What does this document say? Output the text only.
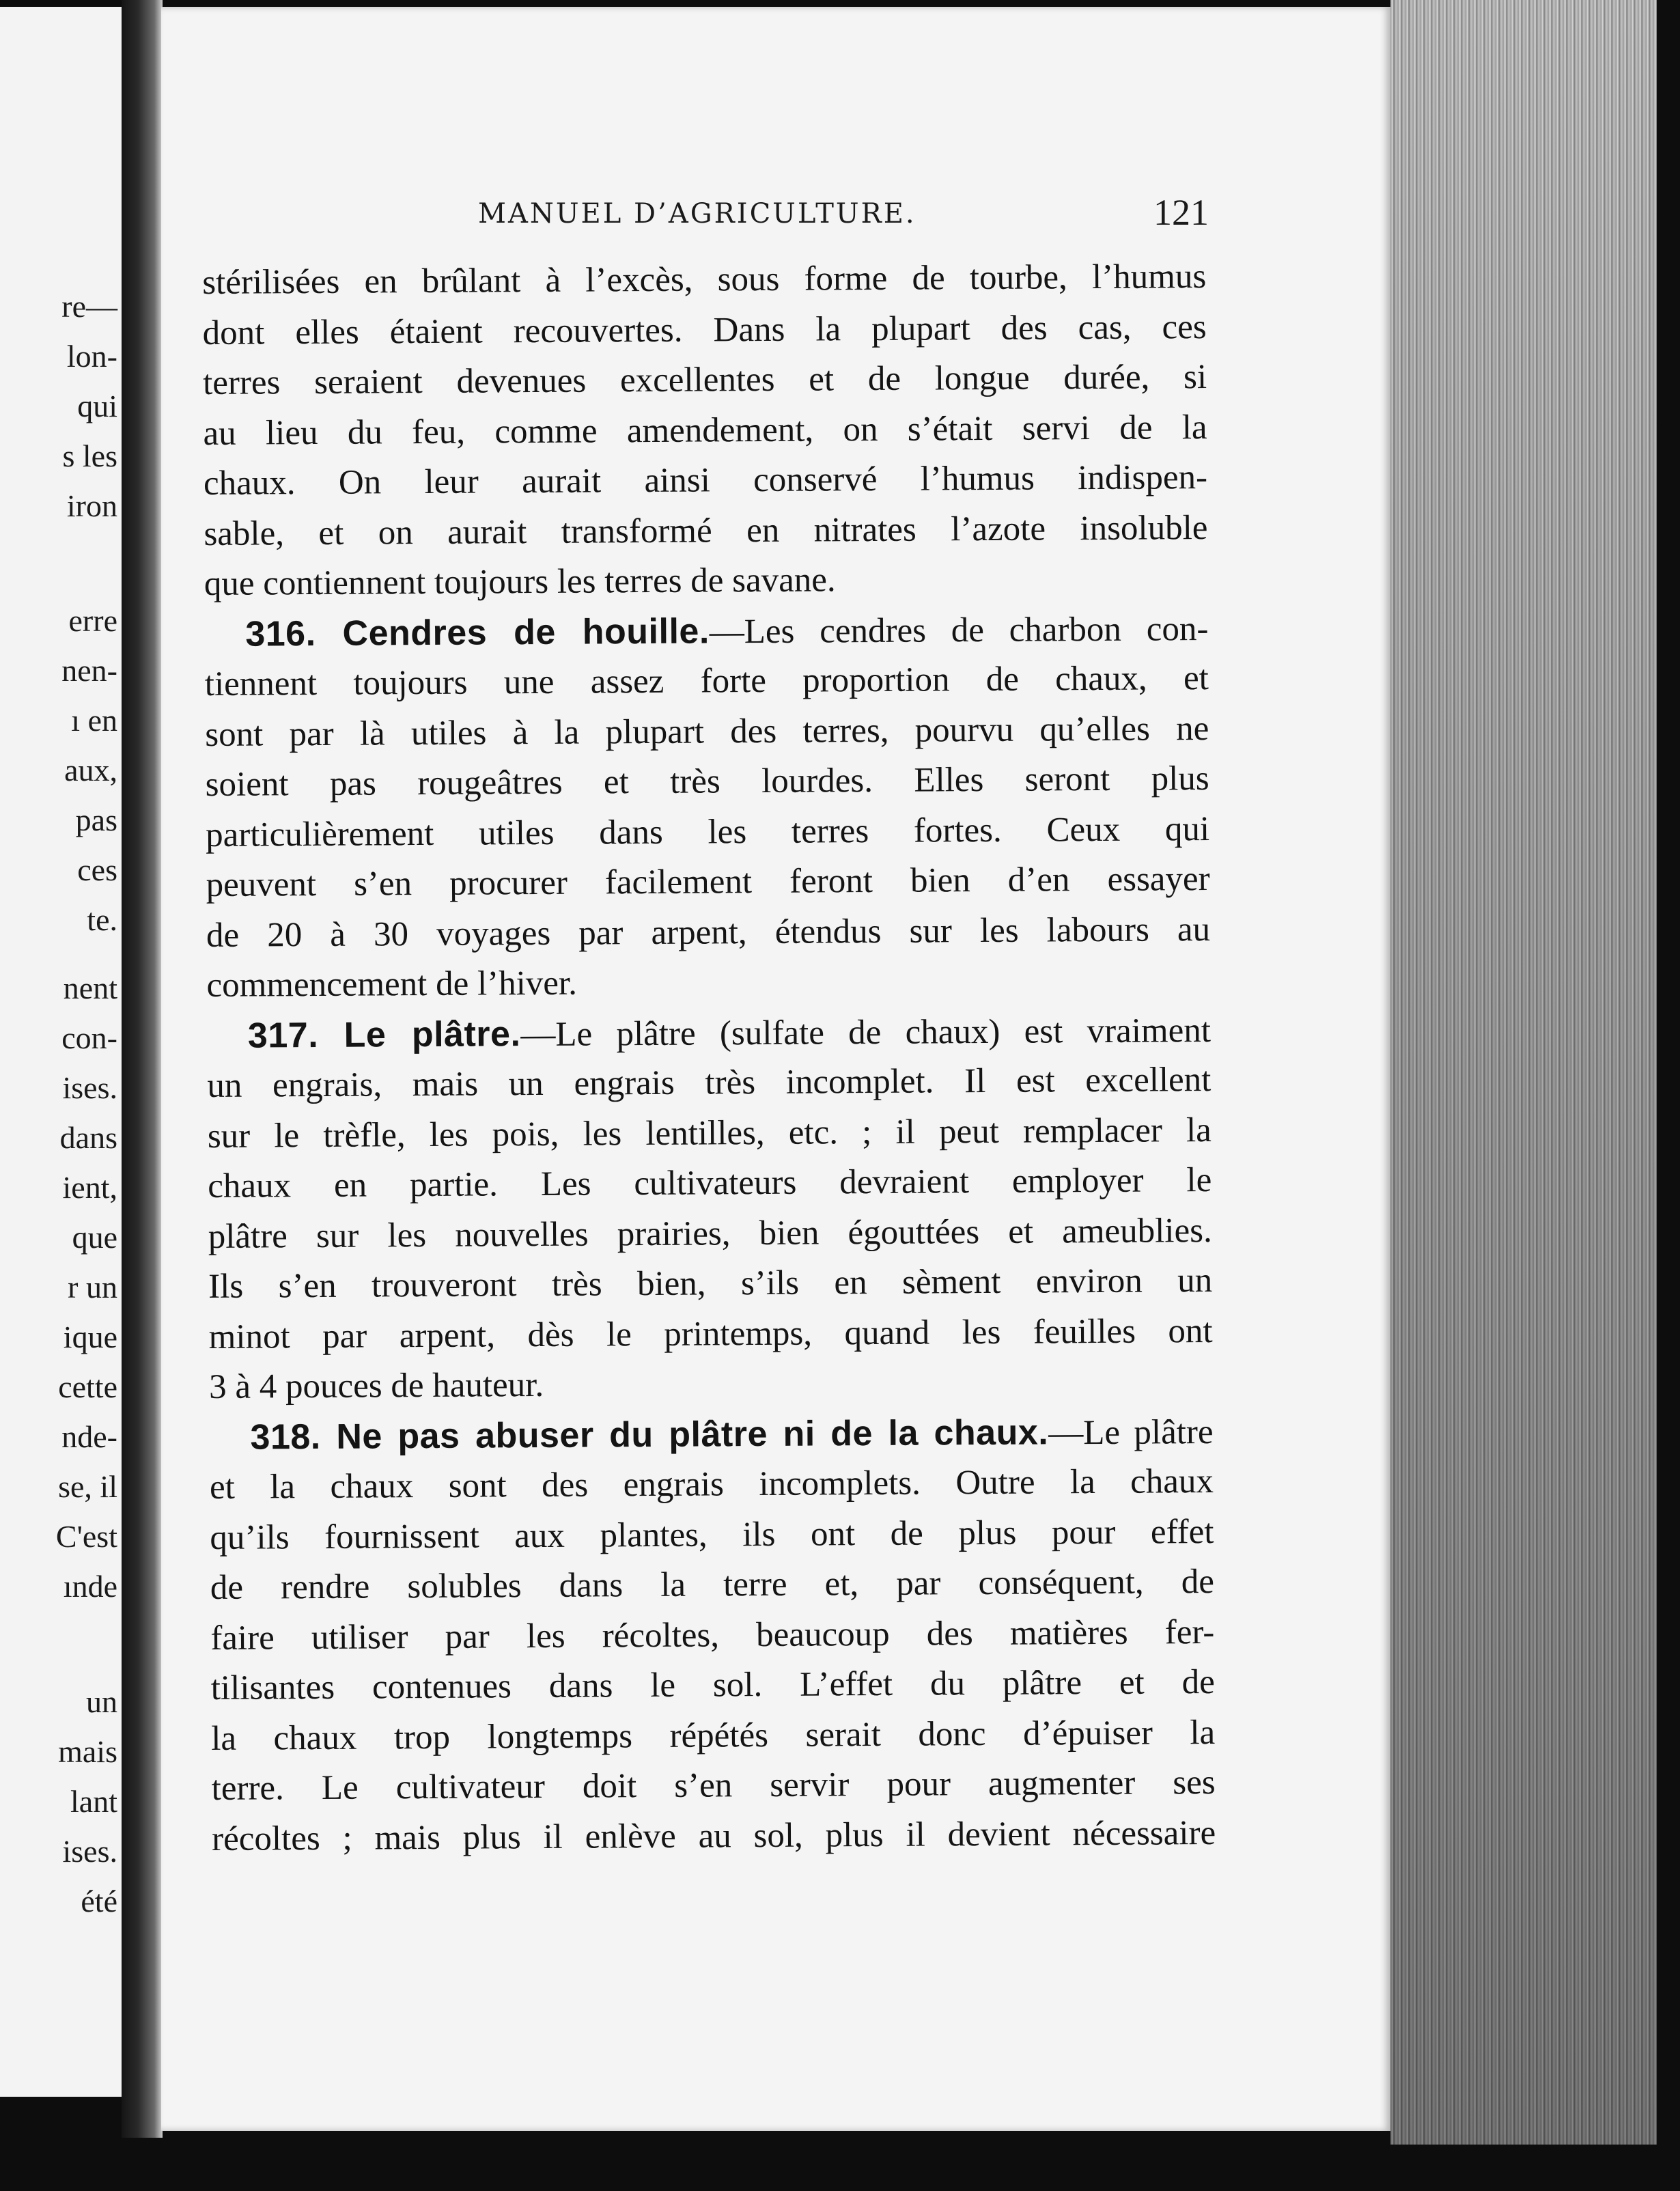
re—
lon-
qui
s les
iron
erre
nen-
ı en
aux,
pas
ces
te.
nent
con-
ises.
dans
ient,
que
r un
ique
cette
nde-
se, il
C'est
ınde
un
mais
lant
ises.
été
MANUEL D’AGRICULTURE.	121
stérilisées en brûlant à l’excès, sous forme de tourbe, l’humus
dont elles étaient recouvertes. Dans la plupart des cas, ces
terres seraient devenues excellentes et de longue durée, si
au lieu du feu, comme amendement, on s’était servi de la
chaux. On leur aurait ainsi conservé l’humus indispen-
sable, et on aurait transformé en nitrates l’azote insoluble
que contiennent toujours les terres de savane.
316. Cendres de houille.—Les cendres de charbon con-
tiennent toujours une assez forte proportion de chaux, et
sont par là utiles à la plupart des terres, pourvu qu’elles ne
soient pas rougeâtres et très lourdes. Elles seront plus
particulièrement utiles dans les terres fortes. Ceux qui
peuvent s’en procurer facilement feront bien d’en essayer
de 20 à 30 voyages par arpent, étendus sur les labours au
commencement de l’hiver.
317. Le plâtre.—Le plâtre (sulfate de chaux) est vraiment
un engrais, mais un engrais très incomplet. Il est excellent
sur le trèfle, les pois, les lentilles, etc. ; il peut remplacer la
chaux en partie. Les cultivateurs devraient employer le
plâtre sur les nouvelles prairies, bien égouttées et ameublies.
Ils s’en trouveront très bien, s’ils en sèment environ un
minot par arpent, dès le printemps, quand les feuilles ont
3 à 4 pouces de hauteur.
318. Ne pas abuser du plâtre ni de la chaux.—Le plâtre
et la chaux sont des engrais incomplets. Outre la chaux
qu’ils fournissent aux plantes, ils ont de plus pour effet
de rendre solubles dans la terre et, par conséquent, de
faire utiliser par les récoltes, beaucoup des matières fer-
tilisantes contenues dans le sol. L’effet du plâtre et de
la chaux trop longtemps répétés serait donc d’épuiser la
terre. Le cultivateur doit s’en servir pour augmenter ses
récoltes ; mais plus il enlève au sol, plus il devient nécessaire
